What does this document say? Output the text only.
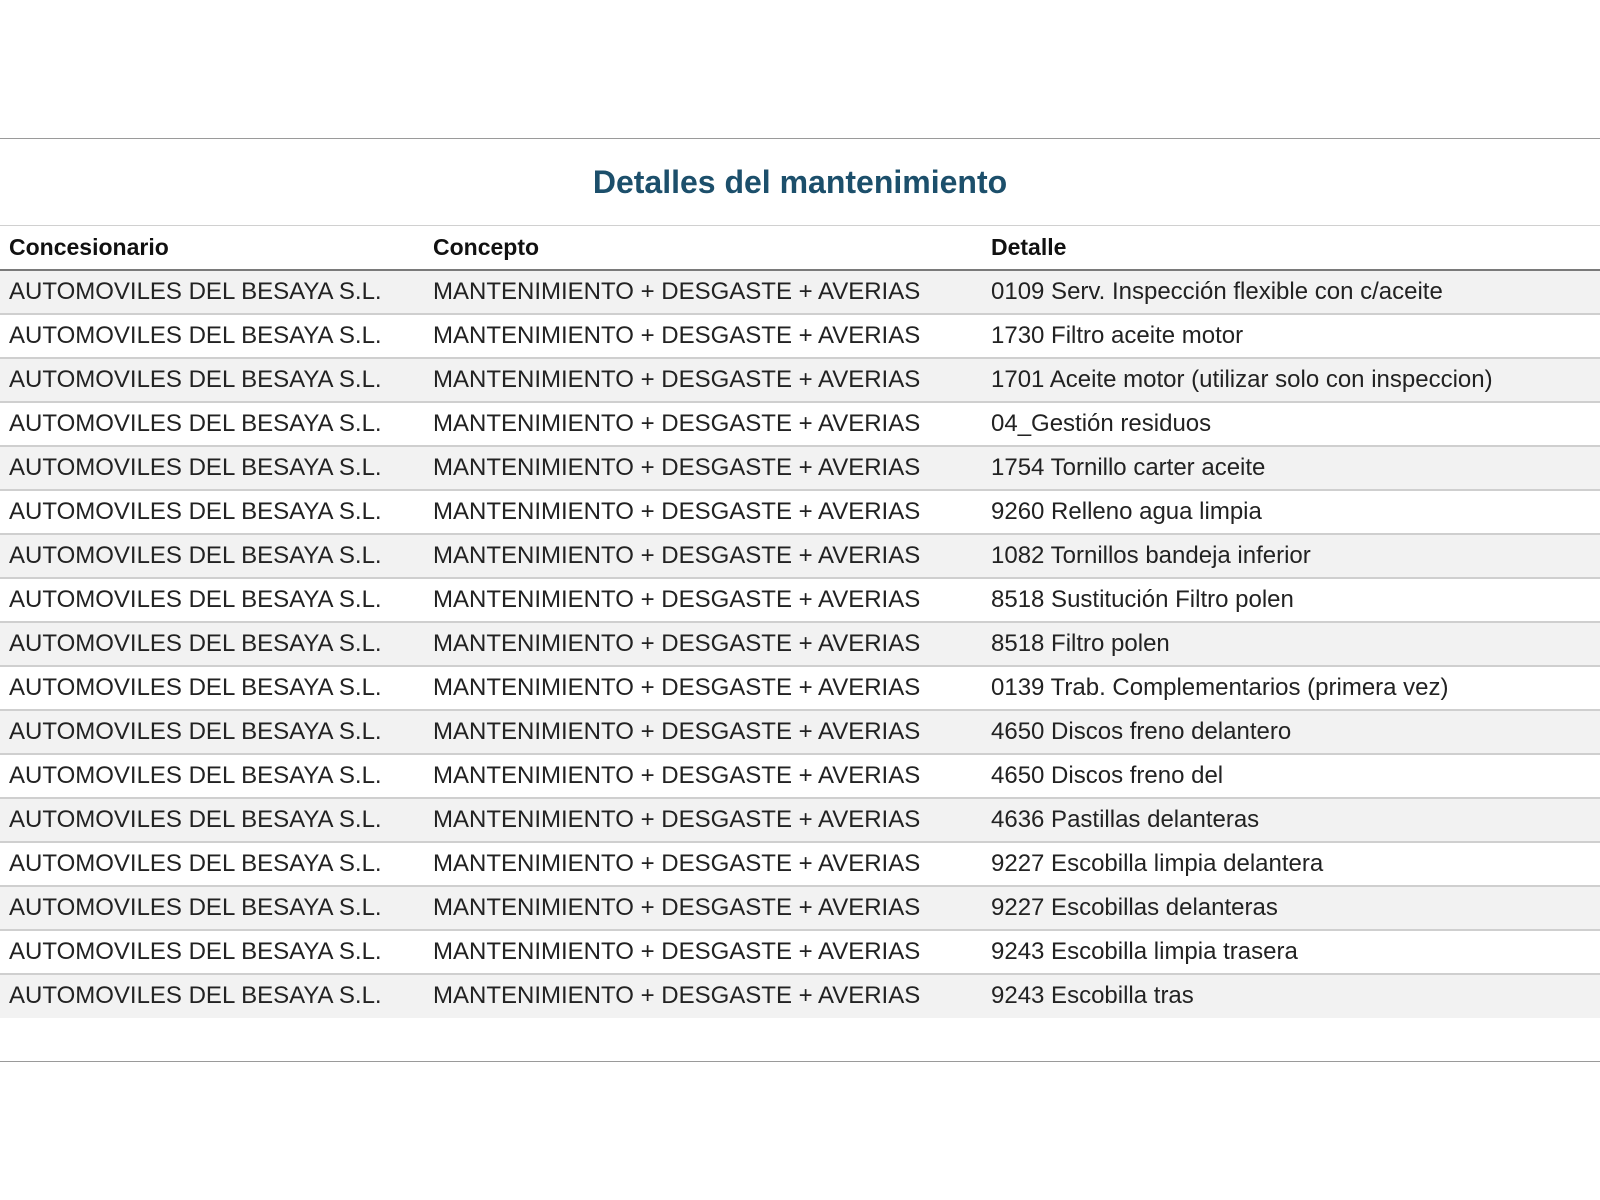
Detalles del mantenimiento
Concesionario	Concepto	Detalle
AUTOMOVILES DEL BESAYA S.L.	MANTENIMIENTO + DESGASTE + AVERIAS	0109 Serv. Inspección flexible con c/aceite
AUTOMOVILES DEL BESAYA S.L.	MANTENIMIENTO + DESGASTE + AVERIAS	1730 Filtro aceite motor
AUTOMOVILES DEL BESAYA S.L.	MANTENIMIENTO + DESGASTE + AVERIAS	1701 Aceite motor (utilizar solo con inspeccion)
AUTOMOVILES DEL BESAYA S.L.	MANTENIMIENTO + DESGASTE + AVERIAS	04_Gestión residuos
AUTOMOVILES DEL BESAYA S.L.	MANTENIMIENTO + DESGASTE + AVERIAS	1754 Tornillo carter aceite
AUTOMOVILES DEL BESAYA S.L.	MANTENIMIENTO + DESGASTE + AVERIAS	9260 Relleno agua limpia
AUTOMOVILES DEL BESAYA S.L.	MANTENIMIENTO + DESGASTE + AVERIAS	1082 Tornillos bandeja inferior
AUTOMOVILES DEL BESAYA S.L.	MANTENIMIENTO + DESGASTE + AVERIAS	8518 Sustitución Filtro polen
AUTOMOVILES DEL BESAYA S.L.	MANTENIMIENTO + DESGASTE + AVERIAS	8518 Filtro polen
AUTOMOVILES DEL BESAYA S.L.	MANTENIMIENTO + DESGASTE + AVERIAS	0139 Trab. Complementarios (primera vez)
AUTOMOVILES DEL BESAYA S.L.	MANTENIMIENTO + DESGASTE + AVERIAS	4650 Discos freno delantero
AUTOMOVILES DEL BESAYA S.L.	MANTENIMIENTO + DESGASTE + AVERIAS	4650 Discos freno del
AUTOMOVILES DEL BESAYA S.L.	MANTENIMIENTO + DESGASTE + AVERIAS	4636 Pastillas delanteras
AUTOMOVILES DEL BESAYA S.L.	MANTENIMIENTO + DESGASTE + AVERIAS	9227 Escobilla limpia delantera
AUTOMOVILES DEL BESAYA S.L.	MANTENIMIENTO + DESGASTE + AVERIAS	9227 Escobillas delanteras
AUTOMOVILES DEL BESAYA S.L.	MANTENIMIENTO + DESGASTE + AVERIAS	9243 Escobilla limpia trasera
AUTOMOVILES DEL BESAYA S.L.	MANTENIMIENTO + DESGASTE + AVERIAS	9243 Escobilla tras
